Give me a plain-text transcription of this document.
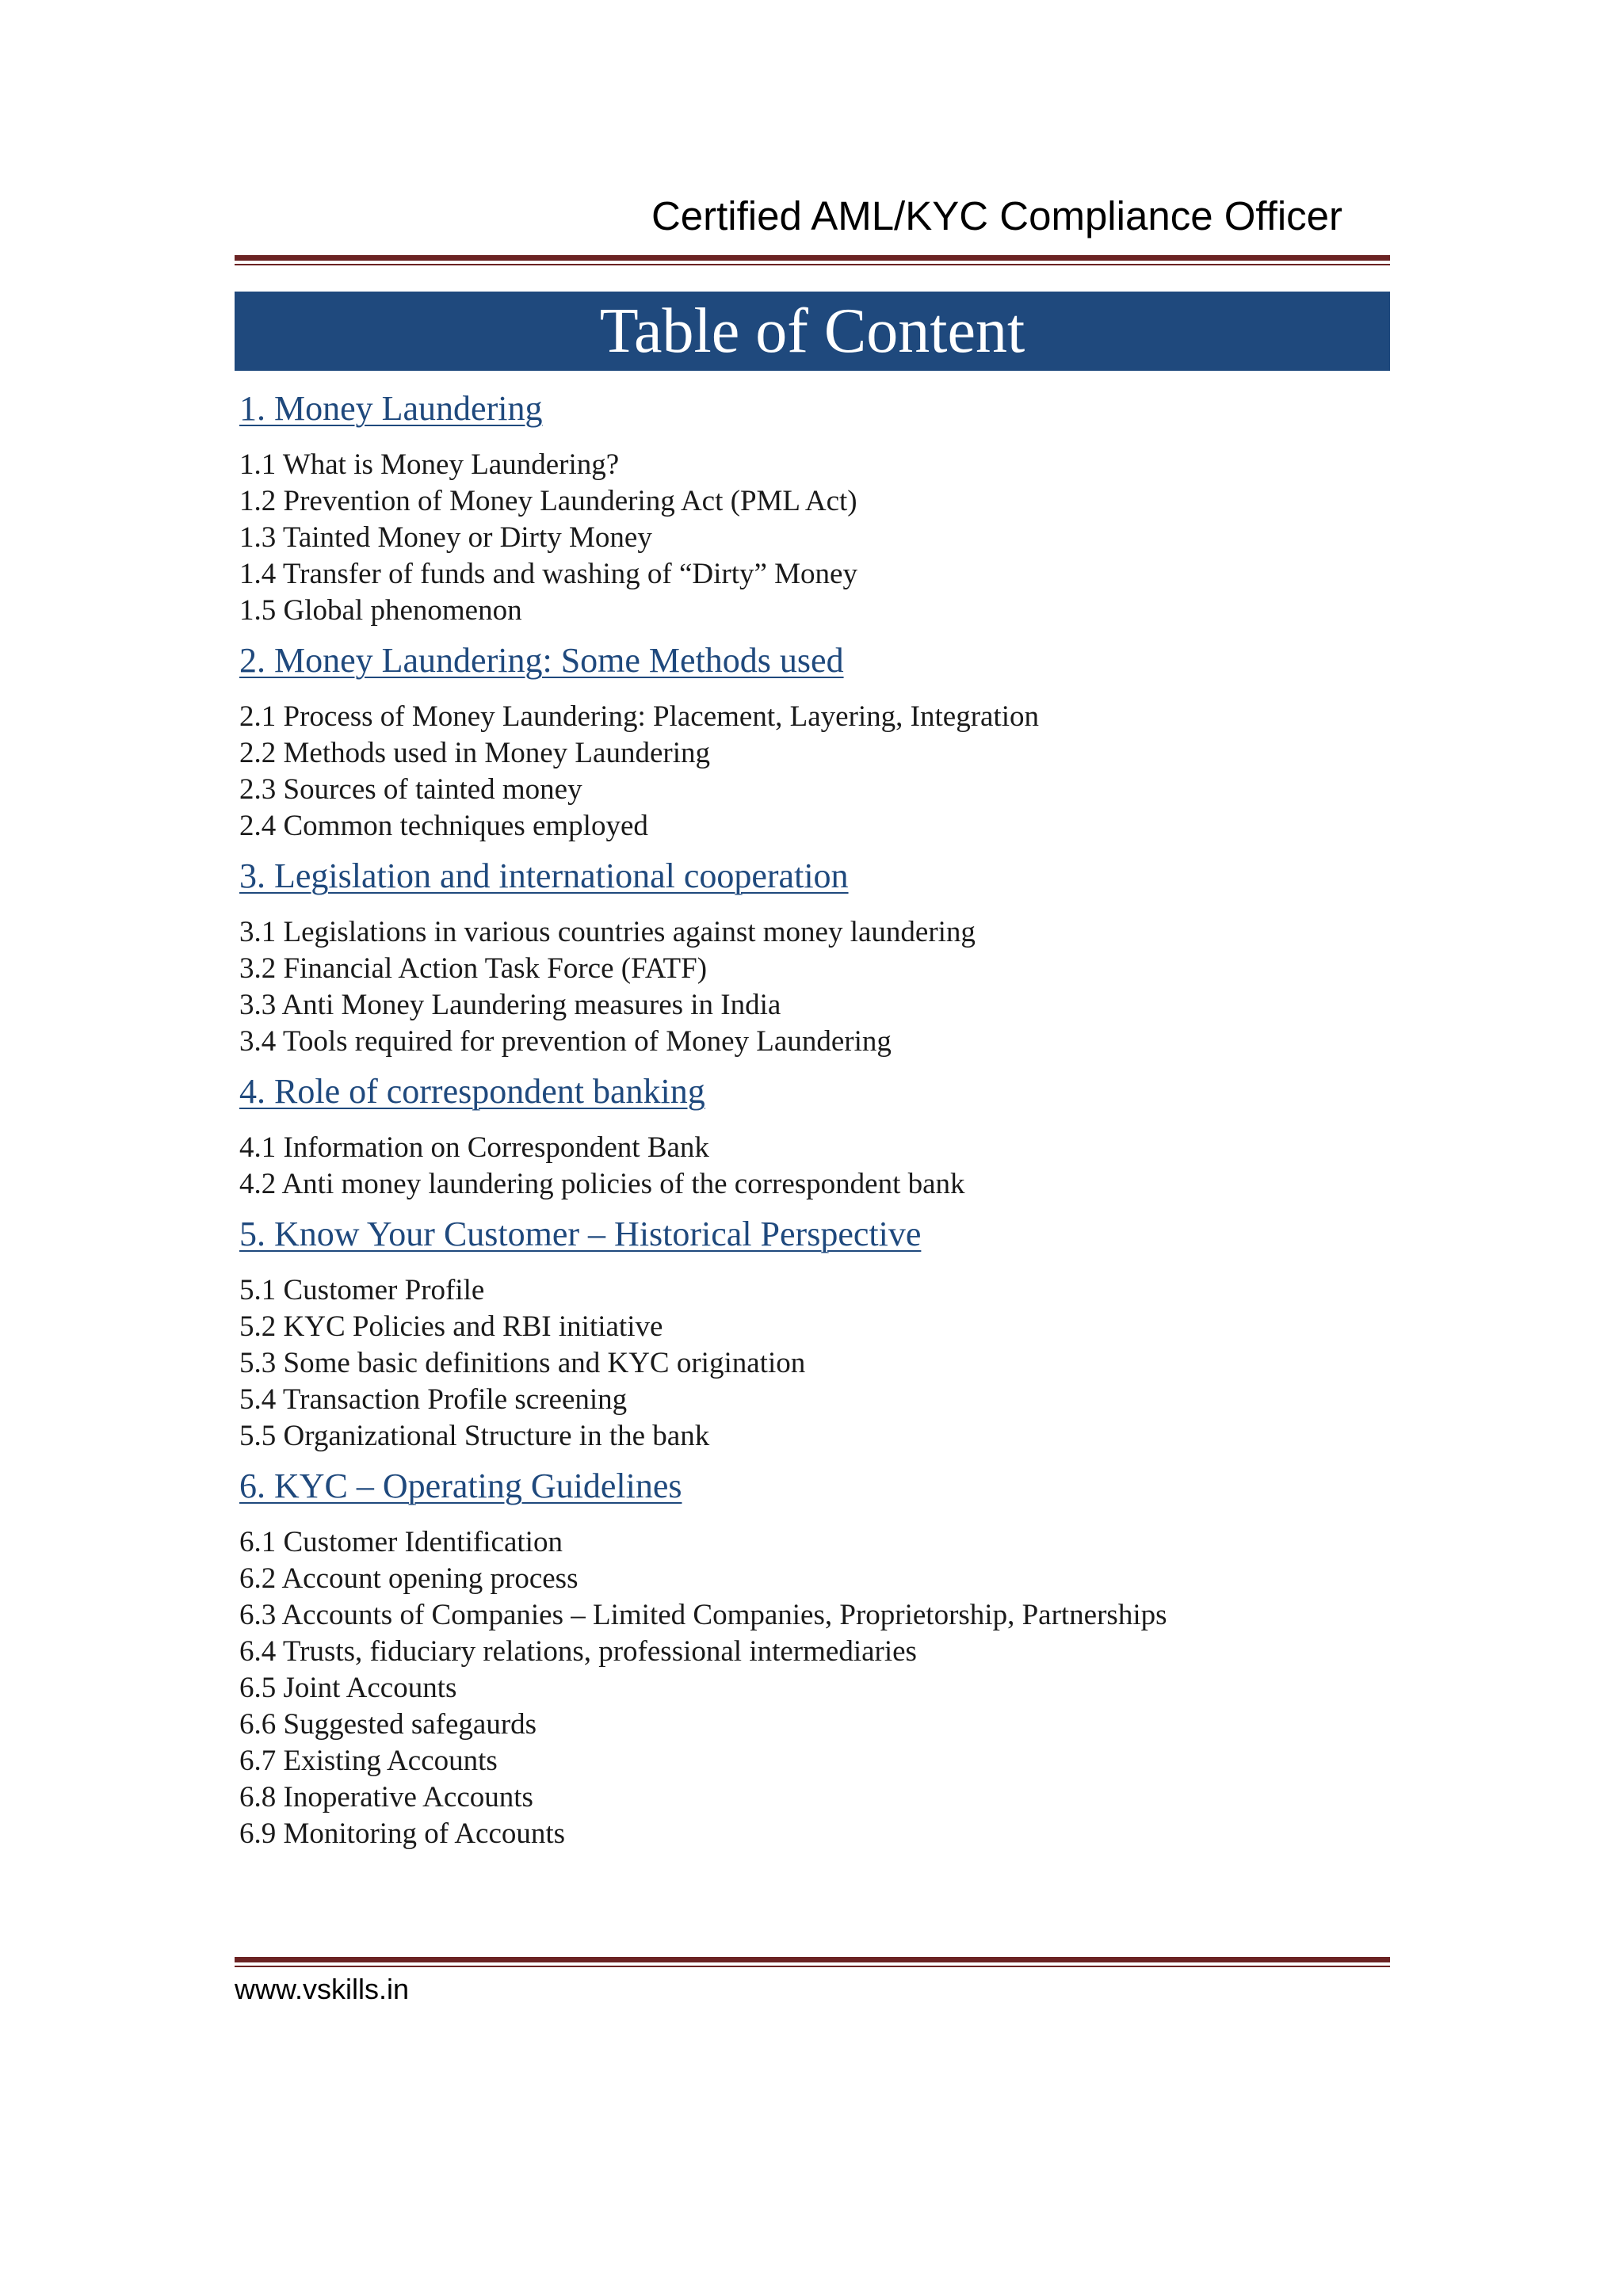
Certified AML/KYC Compliance Officer
Table of Content
1. Money Laundering
1.1 What is Money Laundering?
1.2 Prevention of Money Laundering Act (PML Act)
1.3 Tainted Money or Dirty Money
1.4 Transfer of funds and washing of “Dirty” Money
1.5 Global phenomenon
2. Money Laundering: Some Methods used
2.1 Process of Money Laundering: Placement, Layering, Integration
2.2 Methods used in Money Laundering
2.3 Sources of tainted money
2.4 Common techniques employed
3. Legislation and international cooperation
3.1 Legislations in various countries against money laundering
3.2 Financial Action Task Force (FATF)
3.3 Anti Money Laundering measures in India
3.4 Tools required for prevention of Money Laundering
4. Role of correspondent banking
4.1 Information on Correspondent Bank
4.2 Anti money laundering policies of the correspondent bank
5. Know Your Customer – Historical Perspective
5.1 Customer Profile
5.2 KYC Policies and RBI initiative
5.3 Some basic definitions and KYC origination
5.4 Transaction Profile screening
5.5 Organizational Structure in the bank
6. KYC – Operating Guidelines
6.1 Customer Identification
6.2 Account opening process
6.3 Accounts of Companies – Limited Companies, Proprietorship, Partnerships
6.4 Trusts, fiduciary relations, professional intermediaries
6.5 Joint Accounts
6.6 Suggested safegaurds
6.7 Existing Accounts
6.8 Inoperative Accounts
6.9 Monitoring of Accounts
www.vskills.in
